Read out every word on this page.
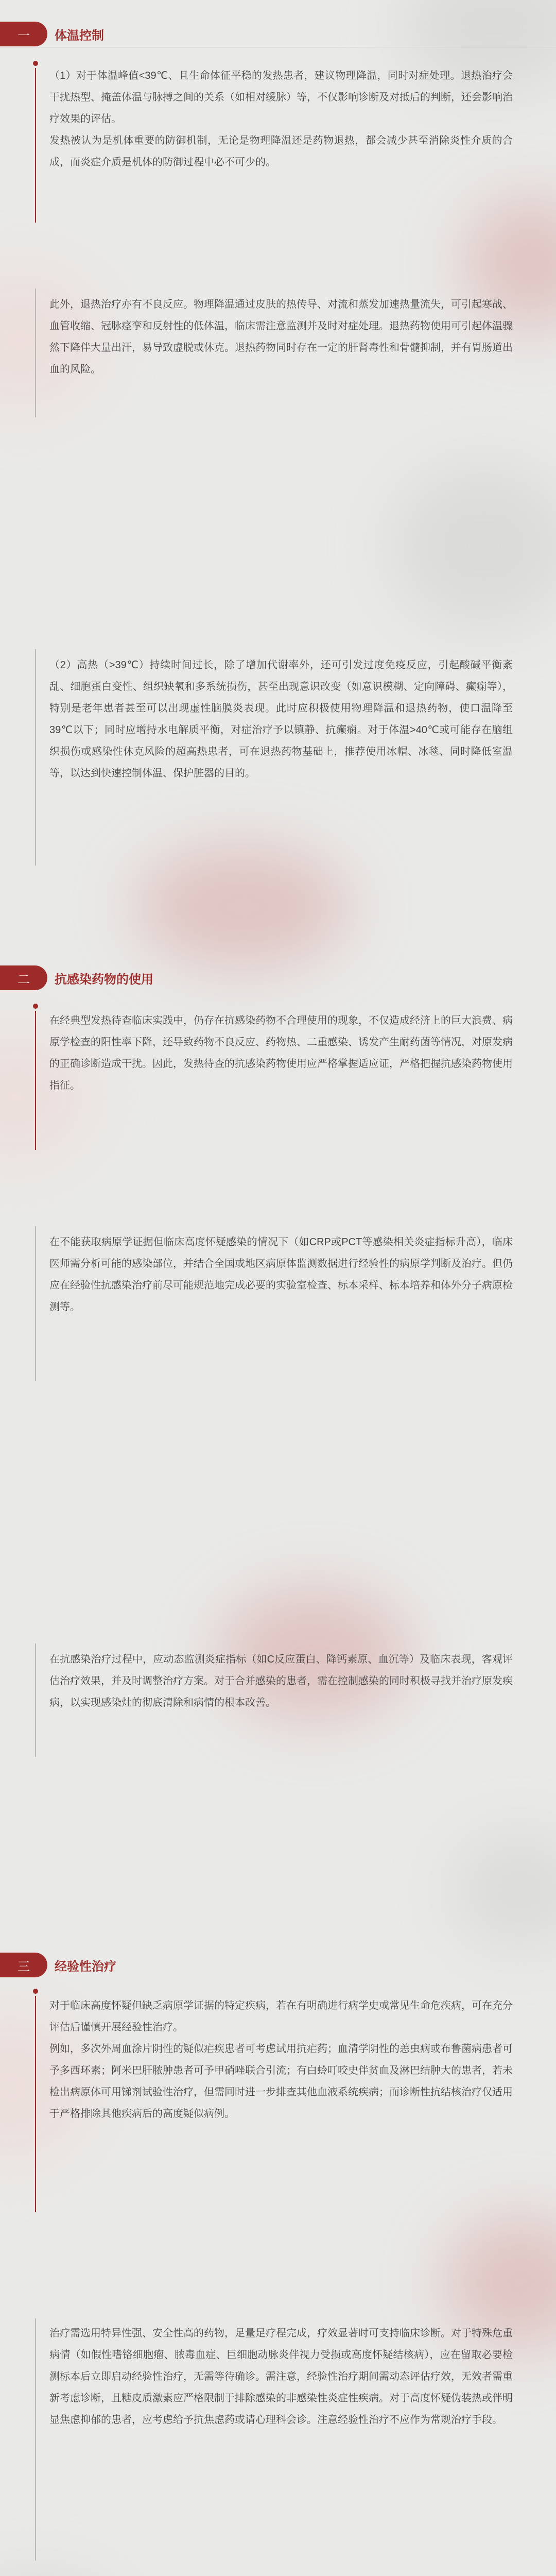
一	体温控制

（1）对于体温峰值<39℃、且生命体征平稳的发热患者，建议物理降温，同时对症处理。退热治疗会干扰热型、掩盖体温与脉搏之间的关系（如相对缓脉）等，不仅影响诊断及对抵后的判断，还会影响治疗效果的评估。

发热被认为是机体重要的防御机制，无论是物理降温还是药物退热，都会减少甚至消除炎性介质的合成，而炎症介质是机体的防御过程中必不可少的。

此外，退热治疗亦有不良反应。物理降温通过皮肤的热传导、对流和蒸发加速热量流失，可引起寒战、血管收缩、冠脉痉挛和反射性的低体温，临床需注意监测并及时对症处理。退热药物使用可引起体温骤然下降伴大量出汗，易导致虚脱或休克。退热药物同时存在一定的肝肾毒性和骨髓抑制，并有胃肠道出血的风险。

（2）高热（>39℃）持续时间过长，除了增加代谢率外，还可引发过度免疫反应，引起酸碱平衡紊乱、细胞蛋白变性、组织缺氧和多系统损伤，甚至出现意识改变（如意识模糊、定向障碍、癫痫等），特别是老年患者甚至可以出现虚性脑膜炎表现。此时应积极使用物理降温和退热药物，使口温降至39℃以下；同时应增持水电解质平衡，对症治疗予以镇静、抗癫痫。对于体温>40℃或可能存在脑组织损伤或感染性休克风险的超高热患者，可在退热药物基础上，推荐使用冰帽、冰毯、同时降低室温等，以达到快速控制体温、保护脏器的目的。

二	抗感染药物的使用

在经典型发热待查临床实践中，仍存在抗感染药物不合理使用的现象，不仅造成经济上的巨大浪费、病原学检查的阳性率下降，还导致药物不良反应、药物热、二重感染、诱发产生耐药菌等情况，对原发病的正确诊断造成干扰。因此，发热待查的抗感染药物使用应严格掌握适应证，严格把握抗感染药物使用指征。

在不能获取病原学证据但临床高度怀疑感染的情况下（如CRP或PCT等感染相关炎症指标升高），临床医师需分析可能的感染部位，并结合全国或地区病原体监测数据进行经验性的病原学判断及治疗。但仍应在经验性抗感染治疗前尽可能规范地完成必要的实验室检查、标本采样、标本培养和体外分子病原检测等。

在抗感染治疗过程中，应动态监测炎症指标（如C反应蛋白、降钙素原、血沉等）及临床表现，客观评估治疗效果，并及时调整治疗方案。对于合并感染的患者，需在控制感染的同时积极寻找并治疗原发疾病，以实现感染灶的彻底清除和病情的根本改善。

三	经验性治疗

对于临床高度怀疑但缺乏病原学证据的特定疾病，若在有明确进行病学史或常见生命危疾病，可在充分评估后谨慎开展经验性治疗。

例如，多次外周血涂片阴性的疑似疟疾患者可考虑试用抗疟药；血清学阴性的恙虫病或布鲁菌病患者可予多西环素；阿米巴肝脓肿患者可予甲硝唑联合引流；有白蛉叮咬史伴贫血及淋巴结肿大的患者，若未检出病原体可用锑剂试验性治疗，但需同时进一步排查其他血液系统疾病；而诊断性抗结核治疗仅适用于严格排除其他疾病后的高度疑似病例。

治疗需选用特异性强、安全性高的药物，足量足疗程完成，疗效显著时可支持临床诊断。对于特殊危重病情（如假性嗜铬细胞瘤、脓毒血症、巨细胞动脉炎伴视力受损或高度怀疑结核病），应在留取必要检测标本后立即启动经验性治疗，无需等待确诊。需注意，经验性治疗期间需动态评估疗效，无效者需重新考虑诊断，且糖皮质激素应严格限制于排除感染的非感染性炎症性疾病。对于高度怀疑伪装热或伴明显焦虑抑郁的患者，应考虑给予抗焦虑药或请心理科会诊。注意经验性治疗不应作为常规治疗手段。
